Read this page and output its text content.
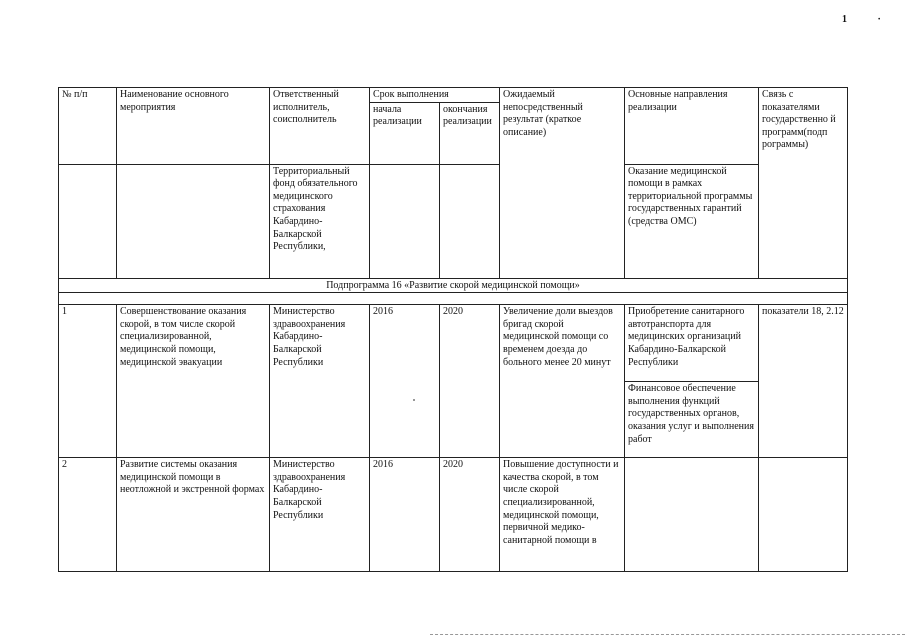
1 ·
№ п/п	Наименование основного мероприятия	Ответственный исполнитель, соисполнитель	Срок выполнения		Ожидаемый непосредственный результат (краткое описание)	Основные направления реализации	Связь с показателями государственно й программ(подп рограммы)
			начала реализации	окончания реализации			
		Территориальный фонд обязательного медицинского страхования Кабардино-Балкарской Республики,				Оказание медицинской помощи в рамках территориальной программы государственных гарантий (средства ОМС)	
Подпрограмма 16 «Развитие скорой медицинской помощи»							

1	Совершенствование оказания скорой, в том числе скорой специализированной, медицинской помощи, медицинской эвакуации	Министерство здравоохранения Кабардино-Балкарской Республики	2016	2020	Увеличение доли выездов бригад скорой медицинской помощи со временем доезда до больного менее 20 минут	Приобретение санитарного автотранспорта для медицинских организаций Кабардино-Балкарской Республики	показатели 18, 2.12
						Финансовое обеспечение выполнения функций государственных органов, оказания услуг и выполнения работ	
2	Развитие системы оказания медицинской помощи в неотложной и экстренной формах	Министерство здравоохранения Кабардино-Балкарской Республики	2016	2020	Повышение доступности и качества скорой, в том числе скорой специализированной, медицинской помощи, первичной медико-санитарной помощи в		
